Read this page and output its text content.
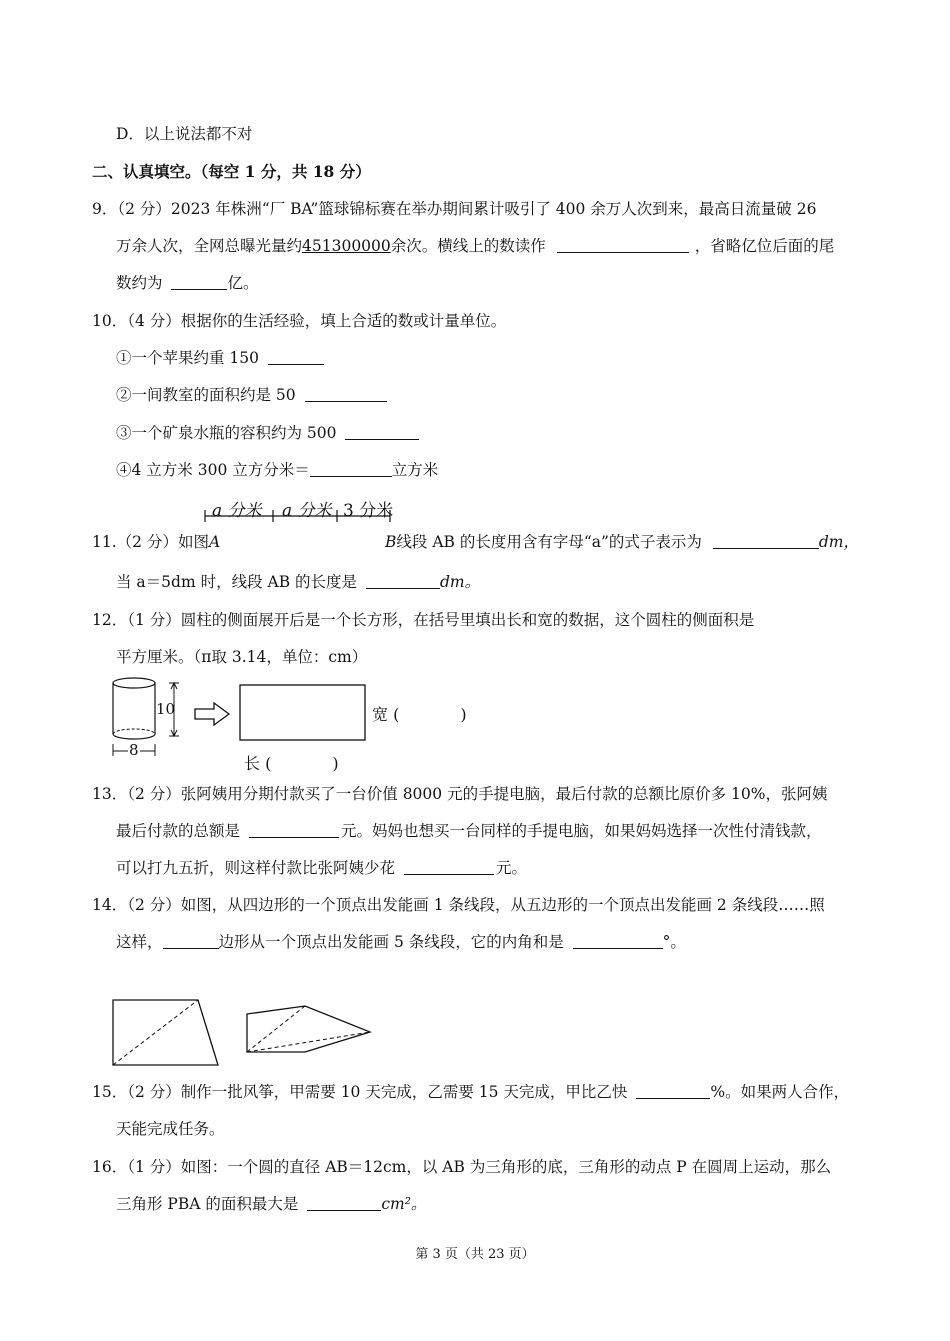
D．以上说法都不对
二、认真填空。（每空 1 分，共 18 分）
9．（2 分）2023 年株洲“厂 BA”篮球锦标赛在举办期间累计吸引了 400 余万人次到来，最高日流量破 26
万余人次，全网总曝光量约451300000余次。横线上的数读作	，省略亿位后面的尾
数约为	亿。
10．（4 分）根据你的生活经验，填上合适的数或计量单位。
①一个苹果约重 150
②一间教室的面积约是 50
③一个矿泉水瓶的容积约为 500
④4 立方米 300 立方分米＝	立方米
a 分米 a 分米 3 分米
11.（2 分）如图A	B线段 AB 的长度用含有字母“a”的式子表示为	dm，
当 a＝5dm 时，线段 AB 的长度是	dm。
12．（1 分）圆柱的侧面展开后是一个长方形，在括号里填出长和宽的数据，这个圆柱的侧面积是
平方厘米。（π取 3.14，单位：cm）
10
8
宽 (            )
长 (            )
13．（2 分）张阿姨用分期付款买了一台价值 8000 元的手提电脑，最后付款的总额比原价多 10%，张阿姨
最后付款的总额是	元。妈妈也想买一台同样的手提电脑，如果妈妈选择一次性付清钱款，
可以打九五折，则这样付款比张阿姨少花	元。
14．（2 分）如图，从四边形的一个顶点出发能画 1 条线段，从五边形的一个顶点出发能画 2 条线段……照
这样，	边形从一个顶点出发能画 5 条线段，它的内角和是	°。
15．（2 分）制作一批风筝，甲需要 10 天完成，乙需要 15 天完成，甲比乙快	%。如果两人合作，
天能完成任务。
16．（1 分）如图：一个圆的直径 AB＝12cm，以 AB 为三角形的底，三角形的动点 P 在圆周上运动，那么
三角形 PBA 的面积最大是	cm²。
第 3 页（共 23 页）
